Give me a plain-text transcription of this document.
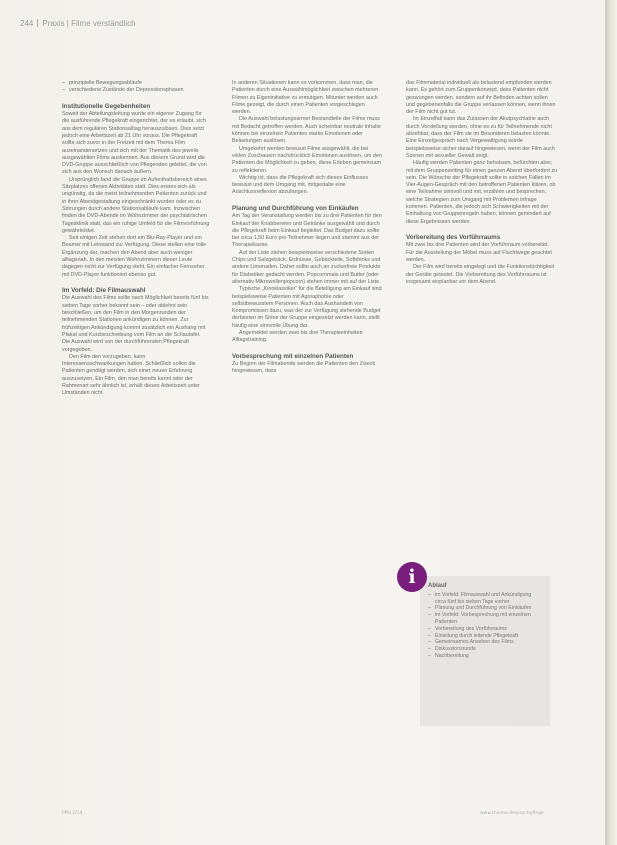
244 Praxis | Filme verständlich
– prinzipielle Bewegungsabläufe
– verschiedene Zustände der Depressionsphasen
Institutionelle Gegebenheiten

Soweit der Abteilungsleitung wurde ein eigener Zugang für die ausführende Pflegekraft eingerichtet, der es erlaubt, sich aus dem regulären Stationsalltag herauszulösen. Dies setzt jedoch eine Arbeitszeit ab 21 Uhr voraus. Die Pflegekraft sollte sich zuvor in der Freizeit mit dem Thema Film auseinandersetzen und sich mit der Thematik des jeweils ausgewählten Films auskennen. Aus diesem Grund wird die DVD-Gruppe ausschließlich von Pflegenden geleitet, die von sich aus den Wunsch danach äußern.

Ursprünglich fand die Gruppe im Aufenthaltsbereich eines Sitzplatzes offenen Aktivitäten statt. Dies erwies sich als ungünstig, da die meist teilnehmenden Patienten zurück und in ihrer Abendgestaltung eingeschränkt wurden oder es zu Störungen durch andere Stationsabläufe kam. Inzwischen finden die DVD-Abende im Wohnzimmer der psychiatrischen Tagesklinik statt, das ein ruhige Umfeld für die Filmvorführung gewährleistet.

Seit einigen Zeit stehen dort ein Blu-Ray-Player und ein Beamer mit Leinwand zur Verfügung. Diese stellen eine tolle Ergänzung dar, machen den Abend aber auch weniger alltagsnah. In den meisten Wohnzimmern dieser Leute dagegen nicht zur Verfügung steht. Ein einfacher Fernseher mit DVD-Player funktioniert ebenso gut.

Im Vorfeld: Die Filmauswahl

Die Auswahl des Films sollte nach Möglichkeit bereits fünf bis sieben Tage vorher bekannt sein – oder ablehnt sein beschließen, um den Film in den Morgenrunden der teilnehmenden Stationen ankündigen zu können. Zur frühzeitigen Ankündigung kommt zusätzlich ein Aushang mit Plakat und Kurzbeschreibung vom Film an die Schautafel. Die Auswahl wird von der durchführenden Pflegekraft vorgegeben.

Den Film den vorzugeben, kann Interessensschwankungen haben. Schließlich sollen die Patienten genötigt werden, sich einer neuen Erfahrung auszusetzen. Ein Film, den man bereits kennt oder der Rahmenart sehr ähnlich ist, erhält dieses Arbeitszeit unter Umständen nicht.

In anderen Situationen kann es vorkommen, dass man, die Patienten durch eine Auswahlmöglichkeit zwischen mehreren Filmen zu Eigeninitiative zu ermutigen. Mitunter werden auch Filme gezeigt, die durch einen Patienten vorgeschlagen werden.

Die Auswahl belastungsarmer Bestandteile der Filme muss mit Bedacht getroffen werden. Auch scheinbar neutrale Inhalte können bei einzelnen Patienten starke Emotionen oder Belastungen auslösen.

Umgekehrt werden bewusst Filme ausgewählt, die bei vielen Zuschauern nachdrücklich Emotionen auslösen, um den Patienten die Möglichkeit zu geben, diese Erleben gemeinsam zu reflektieren.

Wichtig ist, dass die Pflegekraft sich dieses Einflusses bewusst und dem Umgang mit, mitgestalte eine Anschlussreflexion abzufangen.

Planung und Durchführung von Einkäufen

Am Tag der Veranstaltung werden bis zu drei Patienten für den Einkauf der Knabbereien und Getränke ausgewählt und durch die Pflegekraft beim Einkauf begleitet. Das Budget dazu sollte bei circa 1,50 Euro pro Teilnehmer liegen und stammt aus der Therapiekasse.

Auf der Liste stehen beispielsweise verschiedene Sorten Chips und Salzgebäck, Erdnüsse, Gebäckteile, Softdrinks und andere Limonaden. Daher sollte auch an zuckerfreie Produkte für Diabetiker gedacht werden. Popcornmais und Butter (oder alternativ Mikrowellenpopcorn) stehen immer mit auf der Liste.

Typische „Kinoklassiker“ für die Beteiligung am Einkauf sind beispielsweise Patienten mit Agoraphobie oder selbstbewusstem Personen. Auch das Aushandeln von Kompromissen dazu, was der zur Verfügung stehende Budget derbesten im Sinne der Gruppe eingesetzt werden kann, stellt häufig eine sinnvolle Übung dar.

Angemeldet werden zwei bis drei Therapieeinheiten Alltagstraining.

Vorbesprechung mit einzelnen Patienten

Zu Beginn der Filmabende werden die Patienten den Zweck hingewiesen, dass

das Filmmaterial individuell als belastend empfunden werden kann. Es gehört zum Gruppenkonzept, dass Patienten nicht gezwungen werden, sondern auf ihr Befinden achten sollen und gegebenenfalls die Gruppe verlassen können, wenn ihnen der Film nicht gut tut.

Im Einzelfall kann das Zulassen der Akutpsychiatrie auch durch Vorstellung werden, ohne es zu für Teilnehmende nicht absehbar, dass der Film sie im Besonderen belasten könnte. Eine Einzelgespräch nach Vergewaltigung würde beispielsweise sicher darauf hingewiesen, wenn der Film auch Szenen mit sexueller Gewalt zeigt.

Häufig werden Patienten ganz behutsam, befürchten aber, mit dem Gruppensetting für einen ganzen Abend überfordert zu sein. Die Wünsche der Pflegekraft sollte in solchen Fällen im Vier-Augen-Gespräch mit den betroffenen Patienten klären, ob eine Teilnahme sinnvoll und mit, erzählen und besprechen, welche Strategien zum Umgang mit Problemen infrage kommen. Patienten, die jedoch sich Schwierigkeiten mit der Einhaltung von Gruppenregeln haben, können gemindert auf diese Ergebnissen werden.

Vorbereitung des Vorführraums

Mit zwei bis drei Patienten wird der Vorführraum vorbereitet. Für die Ausstellung der Möbel muss auf Fluchtwege geachtet werden.

Der Film wird bereits eingelegt und die Funktionstüchtigkeit der Geräte getestet. Die Vorbereitung des Vorführraums ist insgesamt einplanbar vor dem Abend.

Ablauf
– im Vorfeld: Filmauswahl und Ankündigung circa fünf bis sieben Tage vorher
– Planung und Durchführung von Einkäufen
– im Vorfeld: Vorbesprechung mit einzelnen Patienten
– Vorbereitung des Vorführraums
– Einleitung durch leitende Pflegekraft
– Gemeinsames Ansehen des Films
– Diskussionsrunde
– Nachbereitung
i
PPH 2/14	www.thieme.de/psychpflege
